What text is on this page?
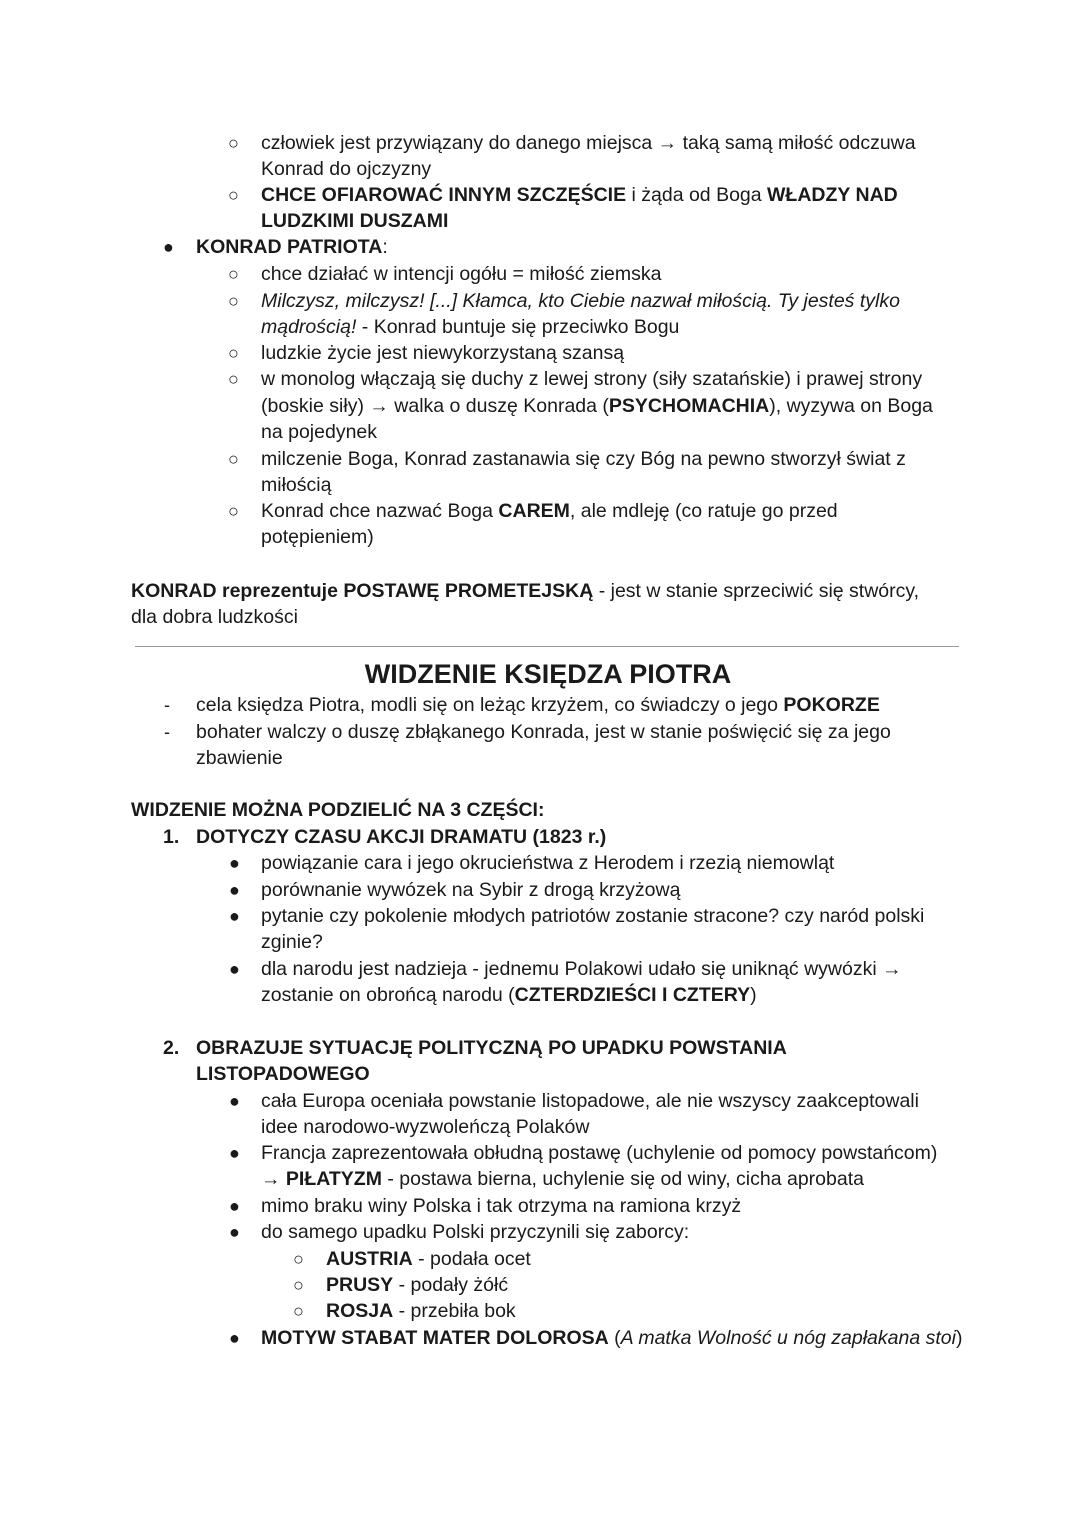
○ człowiek jest przywiązany do danego miejsca → taką samą miłość odczuwa
Konrad do ojczyzny
○ CHCE OFIAROWAĆ INNYM SZCZĘŚCIE i żąda od Boga WŁADZY NAD
LUDZKIMI DUSZAMI
● KONRAD PATRIOTA:
○ chce działać w intencji ogółu = miłość ziemska
○ Milczysz, milczysz! [...] Kłamca, kto Ciebie nazwał miłością. Ty jesteś tylko
mądrością! - Konrad buntuje się przeciwko Bogu
○ ludzkie życie jest niewykorzystaną szansą
○ w monolog włączają się duchy z lewej strony (siły szatańskie) i prawej strony
(boskie siły) → walka o duszę Konrada (PSYCHOMACHIA), wyzywa on Boga
na pojedynek
○ milczenie Boga, Konrad zastanawia się czy Bóg na pewno stworzył świat z
miłością
○ Konrad chce nazwać Boga CAREM, ale mdleję (co ratuje go przed
potępieniem)
KONRAD reprezentuje POSTAWĘ PROMETEJSKĄ - jest w stanie sprzeciwić się stwórcy,
dla dobra ludzkości
WIDZENIE KSIĘDZA PIOTRA
- cela księdza Piotra, modli się on leżąc krzyżem, co świadczy o jego POKORZE
- bohater walczy o duszę zbłąkanego Konrada, jest w stanie poświęcić się za jego
zbawienie
WIDZENIE MOŻNA PODZIELIĆ NA 3 CZĘŚCI:
1. DOTYCZY CZASU AKCJI DRAMATU (1823 r.)
● powiązanie cara i jego okrucieństwa z Herodem i rzezią niemowląt
● porównanie wywózek na Sybir z drogą krzyżową
● pytanie czy pokolenie młodych patriotów zostanie stracone? czy naród polski
zginie?
● dla narodu jest nadzieja - jednemu Polakowi udało się uniknąć wywózki →
zostanie on obrońcą narodu (CZTERDZIEŚCI I CZTERY)
2. OBRAZUJE SYTUACJĘ POLITYCZNĄ PO UPADKU POWSTANIA
LISTOPADOWEGO
● cała Europa oceniała powstanie listopadowe, ale nie wszyscy zaakceptowali
idee narodowo-wyzwoleńczą Polaków
● Francja zaprezentowała obłudną postawę (uchylenie od pomocy powstańcom)
→ PIŁATYZM - postawa bierna, uchylenie się od winy, cicha aprobata
● mimo braku winy Polska i tak otrzyma na ramiona krzyż
● do samego upadku Polski przyczynili się zaborcy:
○ AUSTRIA - podała ocet
○ PRUSY - podały żółć
○ ROSJA - przebiła bok
● MOTYW STABAT MATER DOLOROSA (A matka Wolność u nóg zapłakana stoi)
